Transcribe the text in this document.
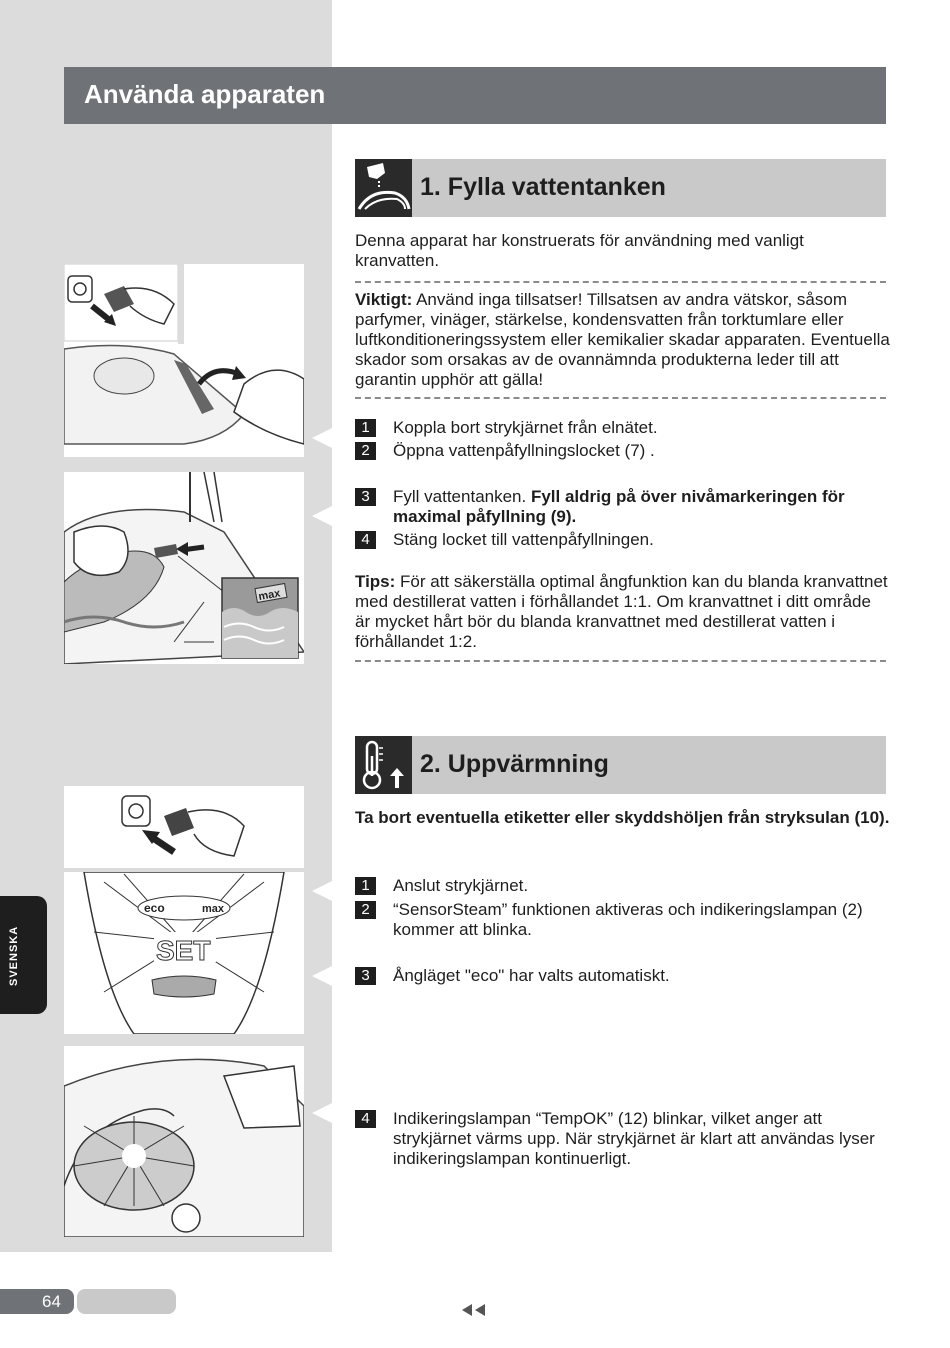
Använda apparaten
1. Fylla vattentanken
Denna apparat har konstruerats för användning med vanligt kranvatten.
Viktigt: Använd inga tillsatser! Tillsatsen av andra vätskor, såsom parfymer, vinäger, stärkelse, kondensvatten från torktumlare eller luftkonditioneringssystem eller kemikalier skadar apparaten. Eventuella skador som orsakas av de ovannämnda produkterna leder till att garantin upphör att gälla!
1	Koppla bort strykjärnet från elnätet.
2	Öppna vattenpåfyllningslocket (7) .
3	Fyll vattentanken. Fyll aldrig på över nivåmarkeringen för maximal påfyllning (9).
4	Stäng locket till vattenpåfyllningen.
Tips: För att säkerställa optimal ångfunktion kan du blanda kranvattnet med destillerat vatten i förhållandet 1:1. Om kranvattnet i ditt område är mycket hårt bör du blanda kranvattnet med destillerat vatten i förhållandet 1:2.
2. Uppvärmning
Ta bort eventuella etiketter eller skyddshöljen från stryksulan (10).
1	Anslut strykjärnet.
2	“SensorSteam” funktionen aktiveras och indikeringslampan (2) kommer att blinka.
3	Ångläget "eco" har valts automatiskt.
4	Indikeringslampan “TempOK” (12) blinkar, vilket anger att strykjärnet värms upp. När strykjärnet är klart att användas lyser indikeringslampan kontinuerligt.
max
eco	max
SET
SVENSKA
64
